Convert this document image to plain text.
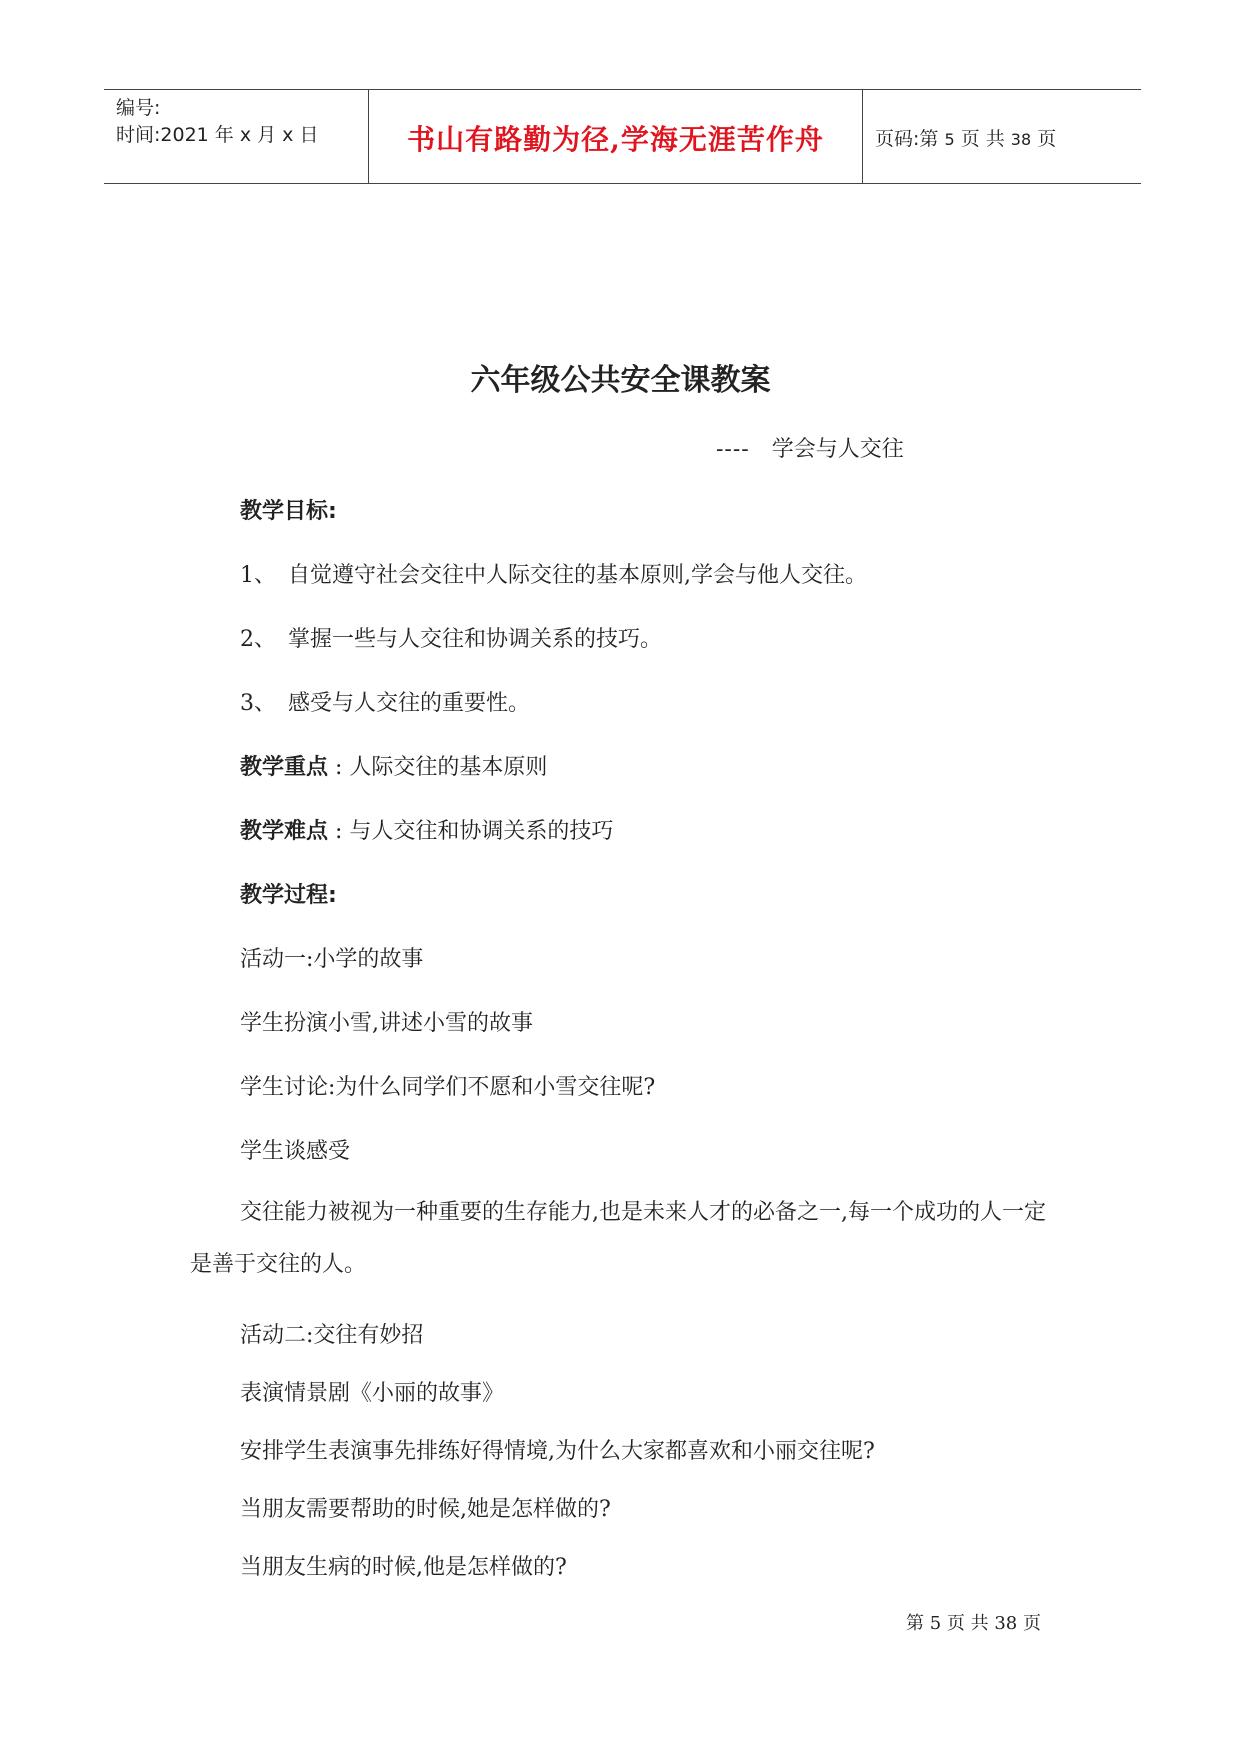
编号:
时间:2021 年 x 月 x 日	书山有路勤为径,学海无涯苦作舟	页码:第 5 页 共 38 页
六年级公共安全课教案
---- 学会与人交往
教学目标:
1、 自觉遵守社会交往中人际交往的基本原则,学会与他人交往。
2、 掌握一些与人交往和协调关系的技巧。
3、 感受与人交往的重要性。
教学重点 : 人际交往的基本原则
教学难点 : 与人交往和协调关系的技巧
教学过程:
活动一:小学的故事
学生扮演小雪,讲述小雪的故事
学生讨论:为什么同学们不愿和小雪交往呢?
学生谈感受
交往能力被视为一种重要的生存能力,也是未来人才的必备之一,每一个成功的人一定是善于交往的人。
活动二:交往有妙招
表演情景剧《小丽的故事》
安排学生表演事先排练好得情境,为什么大家都喜欢和小丽交往呢?
当朋友需要帮助的时候,她是怎样做的?
当朋友生病的时候,他是怎样做的?
第 5 页 共 38 页
